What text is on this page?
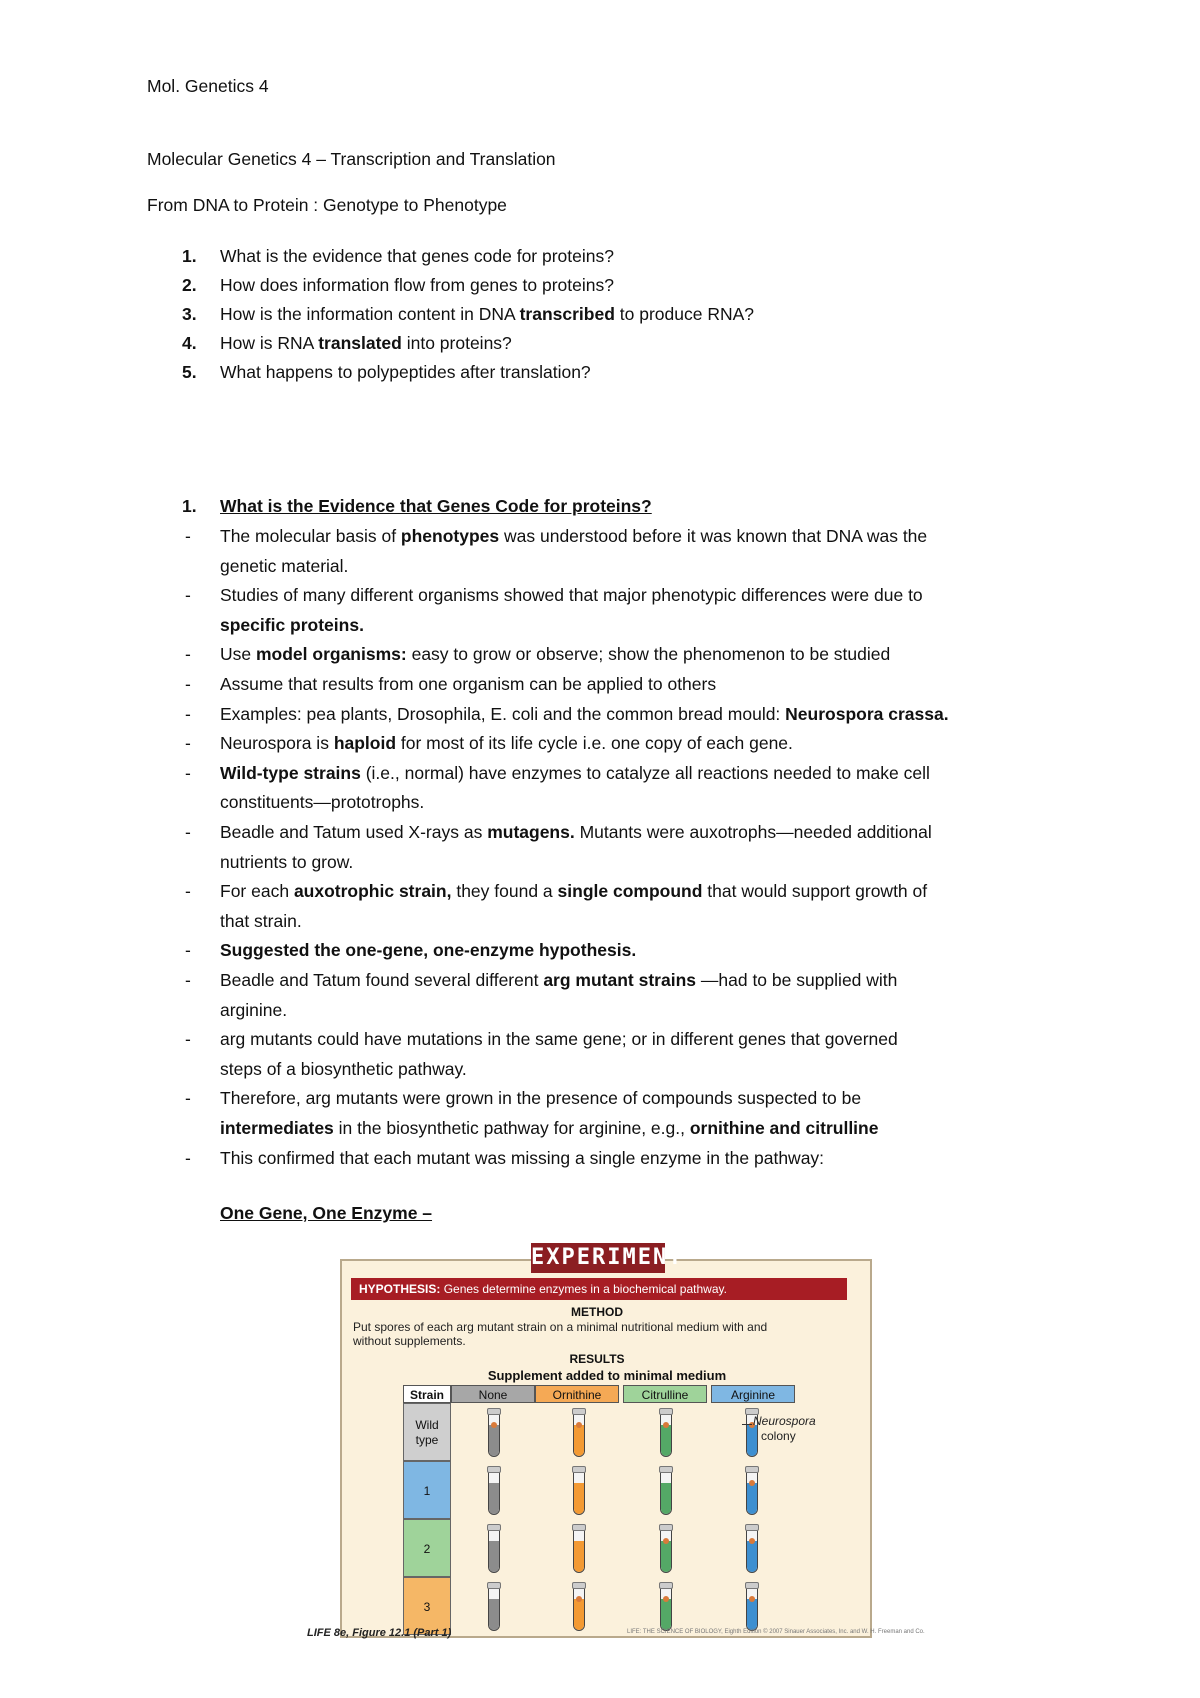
Mol. Genetics 4
Molecular Genetics 4 – Transcription and Translation
From DNA to Protein : Genotype to Phenotype
1.	What is the evidence that genes code for proteins?
2.	How does information flow from genes to proteins?
3.	How is the information content in DNA transcribed to produce RNA?
4.	How is RNA translated into proteins?
5.	What happens to polypeptides after translation?
1.	What is the Evidence that Genes Code for proteins?
- The molecular basis of phenotypes was understood before it was known that DNA was the
genetic material.
- Studies of many different organisms showed that major phenotypic differences were due to
specific proteins.
- Use model organisms: easy to grow or observe; show the phenomenon to be studied
- Assume that results from one organism can be applied to others
- Examples: pea plants, Drosophila, E. coli and the common bread mould: Neurospora crassa.
- Neurospora is haploid for most of its life cycle i.e. one copy of each gene.
- Wild-type strains (i.e., normal) have enzymes to catalyze all reactions needed to make cell
constituents—prototrophs.
- Beadle and Tatum used X-rays as mutagens. Mutants were auxotrophs—needed additional
nutrients to grow.
- For each auxotrophic strain, they found a single compound that would support growth of
that strain.
- Suggested the one-gene, one-enzyme hypothesis.
- Beadle and Tatum found several different arg mutant strains —had to be supplied with
arginine.
- arg mutants could have mutations in the same gene; or in different genes that governed
steps of a biosynthetic pathway.
- Therefore, arg mutants were grown in the presence of compounds suspected to be
intermediates in the biosynthetic pathway for arginine, e.g., ornithine and citrulline
- This confirmed that each mutant was missing a single enzyme in the pathway:
One Gene, One Enzyme –
EXPERIMENT
HYPOTHESIS: Genes determine enzymes in a biochemical pathway.
METHOD
Put spores of each arg mutant strain on a minimal nutritional medium with and
without supplements.
RESULTS
Supplement added to minimal medium
Strain	None	Ornithine	Citrulline	Arginine
Wild type
1
2
3
Neurospora
colony
LIFE 8e, Figure 12.1 (Part 1)	LIFE: THE SCIENCE OF BIOLOGY, Eighth Edition © 2007 Sinauer Associates, Inc. and W. H. Freeman and Co.
